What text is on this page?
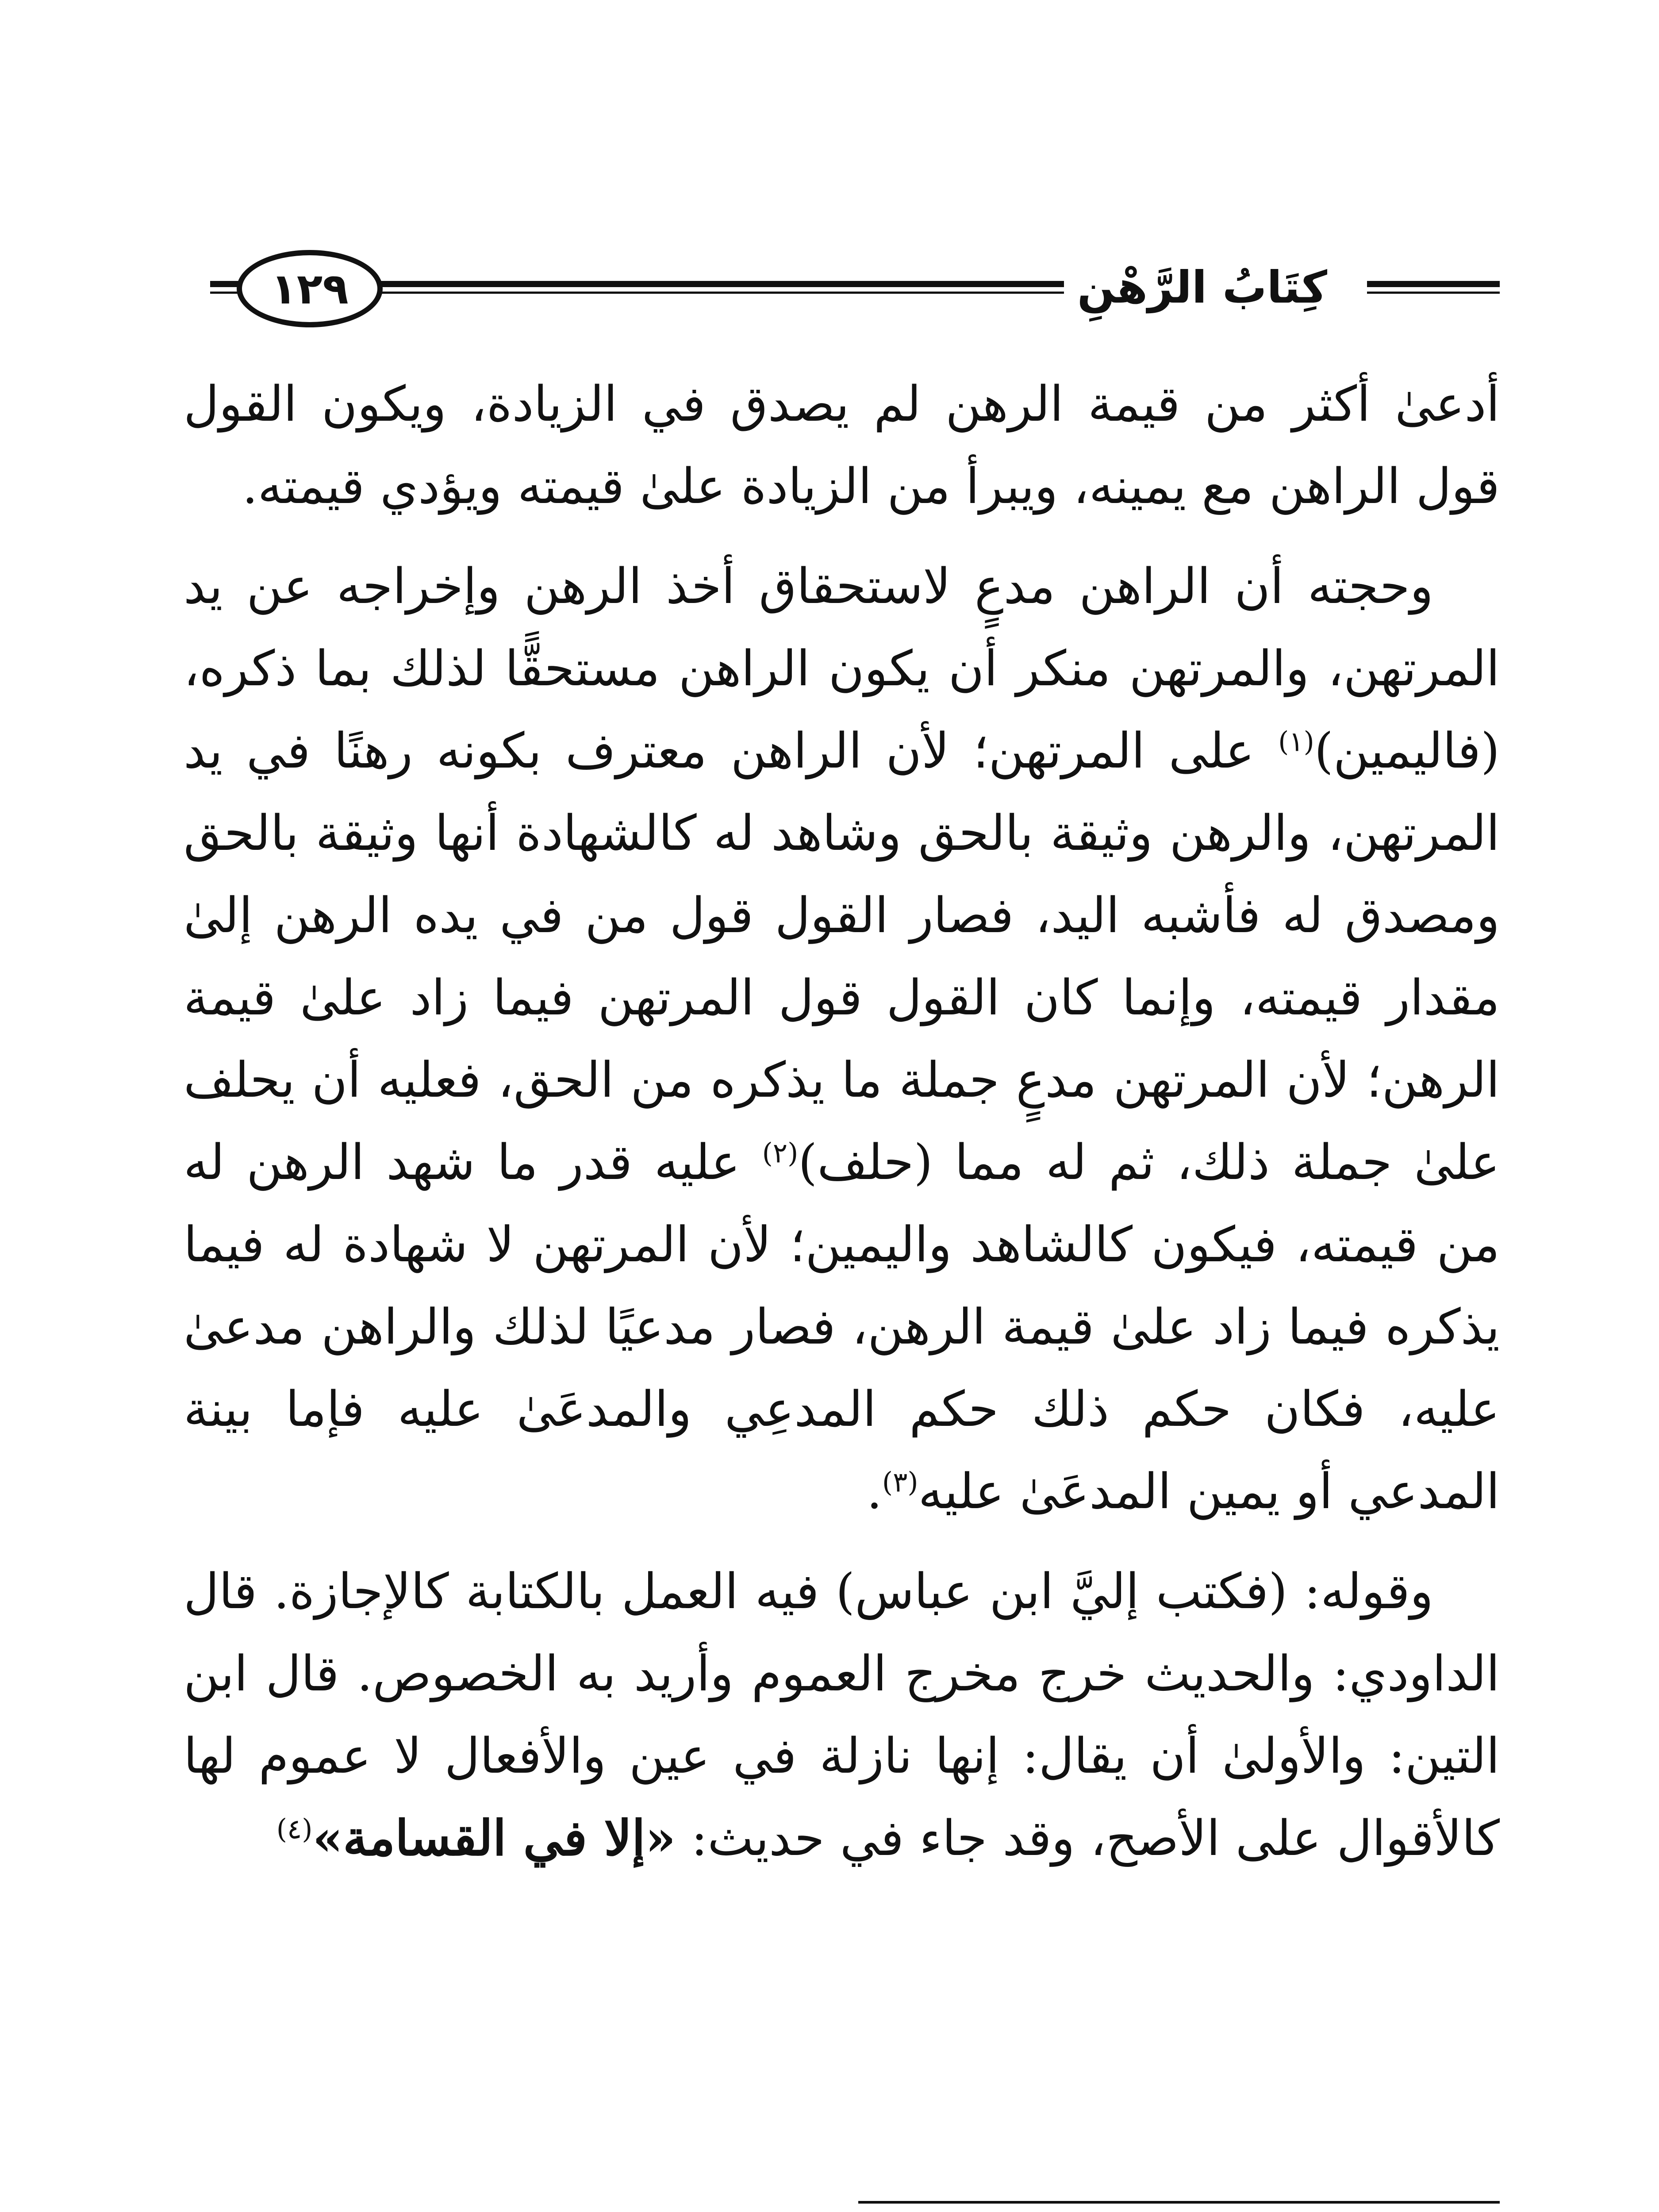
١٢٩	كِتَابُ الرَّهْنِ

أدعىٰ أكثر من قيمة الرهن لم يصدق في الزيادة، ويكون القول قول الراهن مع يمينه، ويبرأ من الزيادة علىٰ قيمته ويؤدي قيمته.

وحجته أن الراهن مدعٍ لاستحقاق أخذ الرهن وإخراجه عن يد المرتهن، والمرتهن منكر أن يكون الراهن مستحقًّا لذلك بما ذكره، (فاليمين)$^{(١)}$ على المرتهن؛ لأن الراهن معترف بكونه رهنًا في يد المرتهن، والرهن وثيقة بالحق وشاهد له كالشهادة أنها وثيقة بالحق ومصدق له فأشبه اليد، فصار القول قول من في يده الرهن إلىٰ مقدار قيمته، وإنما كان القول قول المرتهن فيما زاد علىٰ قيمة الرهن؛ لأن المرتهن مدعٍ جملة ما يذكره من الحق، فعليه أن يحلف علىٰ جملة ذلك، ثم له مما (حلف)$^{(٢)}$ عليه قدر ما شهد الرهن له من قيمته، فيكون كالشاهد واليمين؛ لأن المرتهن لا شهادة له فيما يذكره فيما زاد علىٰ قيمة الرهن، فصار مدعيًا لذلك والراهن مدعىٰ عليه، فكان حكم ذلك حكم المدعِي والمدعَىٰ عليه فإما بينة المدعي أو يمين المدعَىٰ عليه$^{(٣)}$.

وقوله: (فكتب إليَّ ابن عباس) فيه العمل بالكتابة كالإجازة. قال الداودي: والحديث خرج مخرج العموم وأريد به الخصوص. قال ابن التين: والأولىٰ أن يقال: إنها نازلة في عين والأفعال لا عموم لها كالأقوال على الأصح، وقد جاء في حديث: «إلا في القسامة»$^{(٤)}$
